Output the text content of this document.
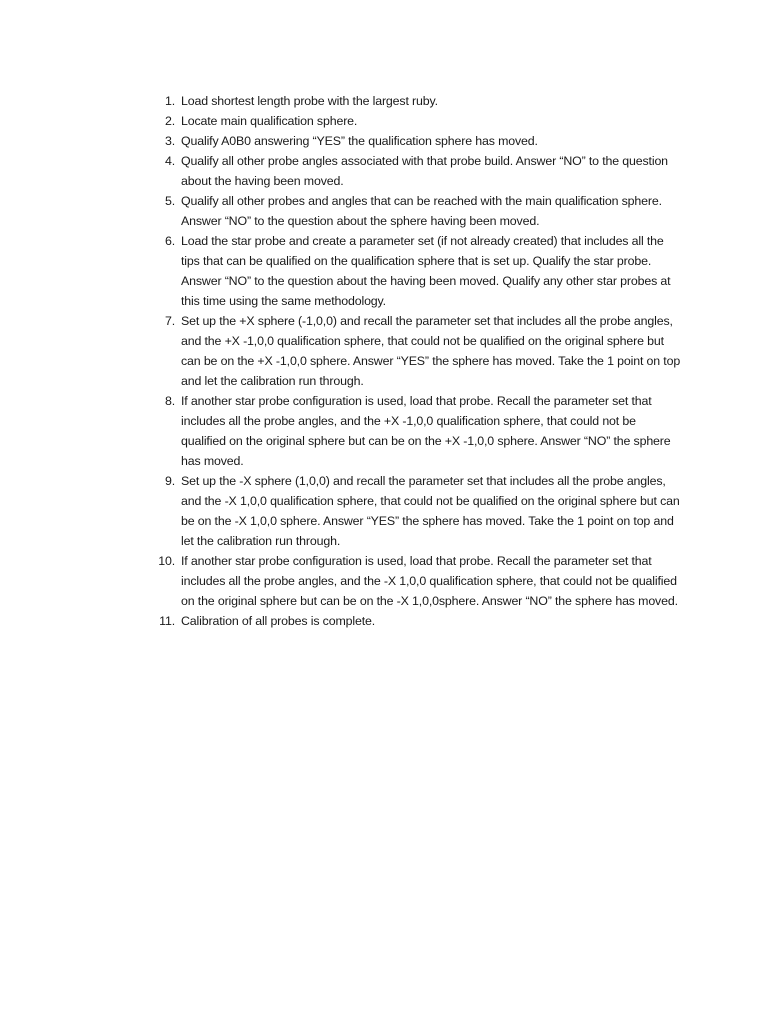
1. Load shortest length probe with the largest ruby.
2. Locate main qualification sphere.
3. Qualify A0B0 answering “YES” the qualification sphere has moved.
4. Qualify all other probe angles associated with that probe build. Answer “NO” to the question about the having been moved.
5. Qualify all other probes and angles that can be reached with the main qualification sphere. Answer “NO” to the question about the sphere having been moved.
6. Load the star probe and create a parameter set (if not already created) that includes all the tips that can be qualified on the qualification sphere that is set up. Qualify the star probe. Answer “NO” to the question about the having been moved. Qualify any other star probes at this time using the same methodology.
7. Set up the +X sphere (-1,0,0) and recall the parameter set that includes all the probe angles, and the +X -1,0,0 qualification sphere, that could not be qualified on the original sphere but can be on the +X -1,0,0 sphere. Answer “YES” the sphere has moved. Take the 1 point on top and let the calibration run through.
8. If another star probe configuration is used, load that probe. Recall the parameter set that includes all the probe angles, and the +X -1,0,0 qualification sphere, that could not be qualified on the original sphere but can be on the +X -1,0,0 sphere. Answer “NO” the sphere has moved.
9. Set up the -X sphere (1,0,0) and recall the parameter set that includes all the probe angles, and the -X 1,0,0 qualification sphere, that could not be qualified on the original sphere but can be on the -X 1,0,0 sphere. Answer “YES” the sphere has moved. Take the 1 point on top and let the calibration run through.
10. If another star probe configuration is used, load that probe. Recall the parameter set that includes all the probe angles, and the -X 1,0,0 qualification sphere, that could not be qualified on the original sphere but can be on the -X 1,0,0sphere. Answer “NO” the sphere has moved.
11. Calibration of all probes is complete.
